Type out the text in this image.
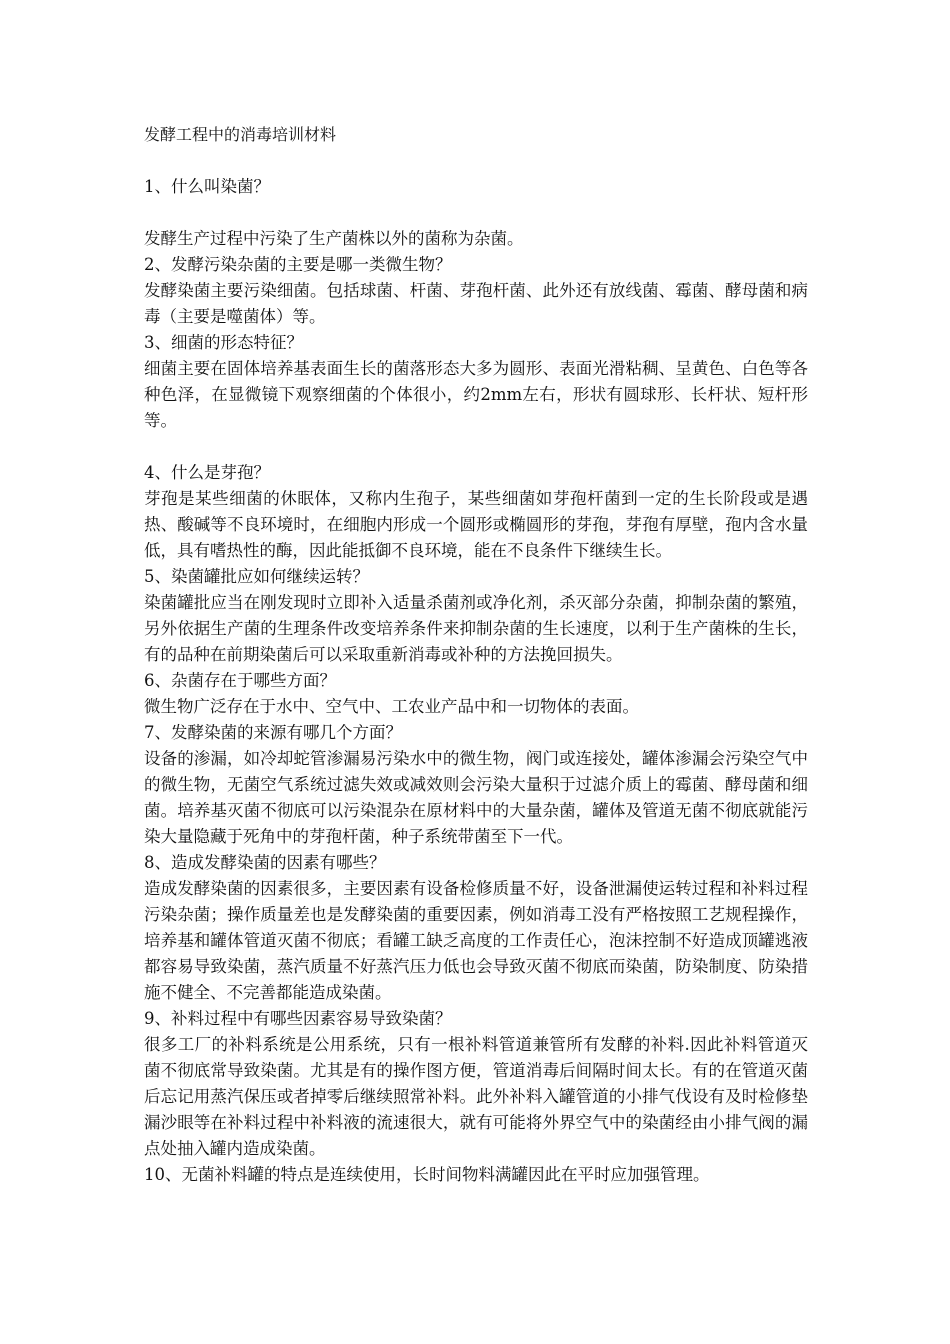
发酵工程中的消毒培训材料

1、什么叫染菌？

发酵生产过程中污染了生产菌株以外的菌称为杂菌。

2、发酵污染杂菌的主要是哪一类微生物？

发酵染菌主要污染细菌。包括球菌、杆菌、芽孢杆菌、此外还有放线菌、霉菌、酵母菌和病毒（主要是噬菌体）等。

3、细菌的形态特征？

细菌主要在固体培养基表面生长的菌落形态大多为圆形、表面光滑粘稠、呈黄色、白色等各种色泽，在显微镜下观察细菌的个体很小，约2mm左右，形状有圆球形、长杆状、短杆形等。

4、什么是芽孢？

芽孢是某些细菌的休眠体，又称内生孢子，某些细菌如芽孢杆菌到一定的生长阶段或是遇热、酸碱等不良环境时，在细胞内形成一个圆形或椭圆形的芽孢，芽孢有厚壁，孢内含水量低，具有嗜热性的酶，因此能抵御不良环境，能在不良条件下继续生长。

5、染菌罐批应如何继续运转？

染菌罐批应当在刚发现时立即补入适量杀菌剂或净化剂，杀灭部分杂菌，抑制杂菌的繁殖，另外依据生产菌的生理条件改变培养条件来抑制杂菌的生长速度，以利于生产菌株的生长，有的品种在前期染菌后可以采取重新消毒或补种的方法挽回损失。

6、杂菌存在于哪些方面？

微生物广泛存在于水中、空气中、工农业产品中和一切物体的表面。

7、发酵染菌的来源有哪几个方面？

设备的渗漏，如冷却蛇管渗漏易污染水中的微生物，阀门或连接处，罐体渗漏会污染空气中的微生物，无菌空气系统过滤失效或减效则会污染大量积于过滤介质上的霉菌、酵母菌和细菌。培养基灭菌不彻底可以污染混杂在原材料中的大量杂菌，罐体及管道无菌不彻底就能污染大量隐藏于死角中的芽孢杆菌，种子系统带菌至下一代。

8、造成发酵染菌的因素有哪些？

造成发酵染菌的因素很多，主要因素有设备检修质量不好，设备泄漏使运转过程和补料过程污染杂菌；操作质量差也是发酵染菌的重要因素，例如消毒工没有严格按照工艺规程操作，培养基和罐体管道灭菌不彻底；看罐工缺乏高度的工作责任心，泡沫控制不好造成顶罐逃液都容易导致染菌，蒸汽质量不好蒸汽压力低也会导致灭菌不彻底而染菌，防染制度、防染措施不健全、不完善都能造成染菌。

9、补料过程中有哪些因素容易导致染菌？

很多工厂的补料系统是公用系统，只有一根补料管道兼管所有发酵的补料.因此补料管道灭菌不彻底常导致染菌。尤其是有的操作图方便，管道消毒后间隔时间太长。有的在管道灭菌后忘记用蒸汽保压或者掉零后继续照常补料。此外补料入罐管道的小排气伐设有及时检修垫漏沙眼等在补料过程中补料液的流速很大，就有可能将外界空气中的染菌经由小排气阀的漏点处抽入罐内造成染菌。

10、无菌补料罐的特点是连续使用，长时间物料满罐因此在平时应加强管理。
